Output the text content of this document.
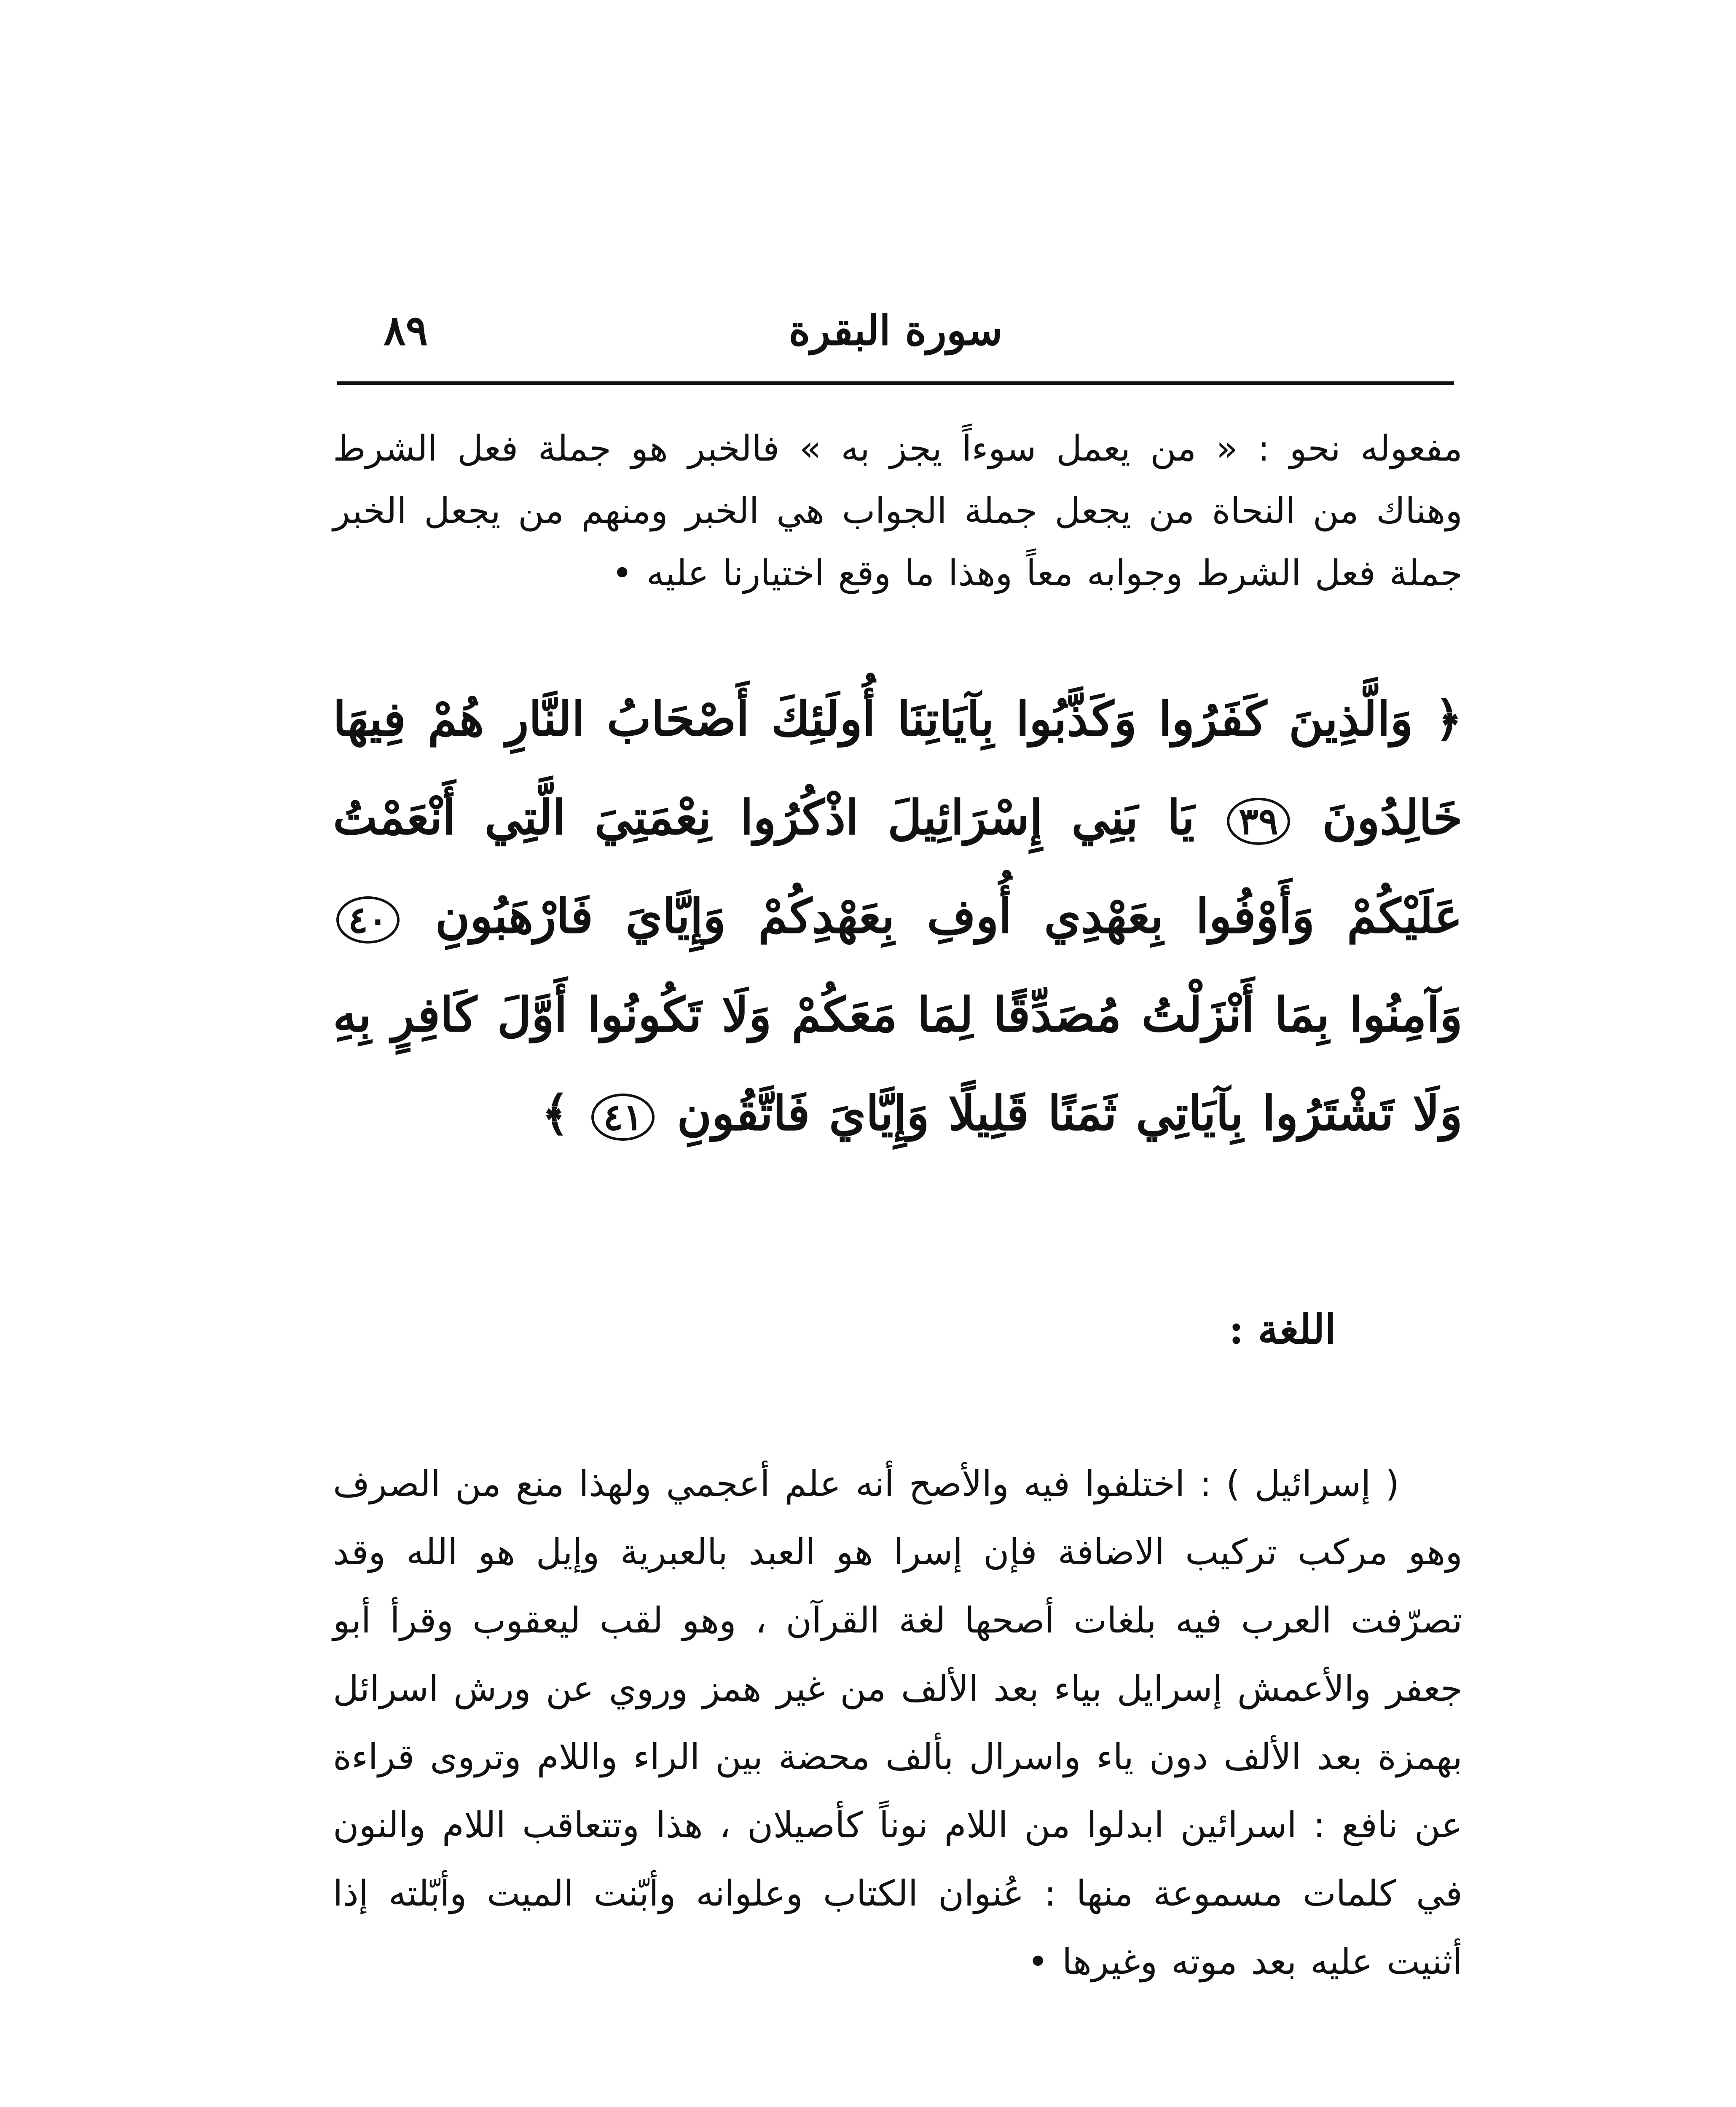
سورة البقرة
٨٩

مفعوله نحو : « من يعمل سوءاً يجز به » فالخبر هو جملة فعل الشرط وهناك من النحاة من يجعل جملة الجواب هي الخبر ومنهم من يجعل الخبر جملة فعل الشرط وجوابه معاً وهذا ما وقع اختيارنا عليه •

﴿ وَالَّذِينَ كَفَرُوا وَكَذَّبُوا بِآيَاتِنَا أُولَئِكَ أَصْحَابُ النَّارِ هُمْ فِيهَا خَالِدُونَ ٣٩ يَا بَنِي إِسْرَائِيلَ اذْكُرُوا نِعْمَتِيَ الَّتِي أَنْعَمْتُ عَلَيْكُمْ وَأَوْفُوا بِعَهْدِي أُوفِ بِعَهْدِكُمْ وَإِيَّايَ فَارْهَبُونِ ٤٠ وَآمِنُوا بِمَا أَنْزَلْتُ مُصَدِّقًا لِمَا مَعَكُمْ وَلَا تَكُونُوا أَوَّلَ كَافِرٍ بِهِ وَلَا تَشْتَرُوا بِآيَاتِي ثَمَنًا قَلِيلًا وَإِيَّايَ فَاتَّقُونِ ٤١ ﴾

اللغة :

( إسرائيل ) : اختلفوا فيه والأصح أنه علم أعجمي ولهذا منع من الصرف وهو مركب تركيب الاضافة فإن إسرا هو العبد بالعبرية وإيل هو الله وقد تصرّفت العرب فيه بلغات أصحها لغة القرآن ، وهو لقب ليعقوب وقرأ أبو جعفر والأعمش إسرايل بياء بعد الألف من غير همز وروي عن ورش اسرائل بهمزة بعد الألف دون ياء واسرال بألف محضة بين الراء واللام وتروى قراءة عن نافع : اسرائين ابدلوا من اللام نوناً كأصيلان ، هذا وتتعاقب اللام والنون في كلمات مسموعة منها : عُنوان الكتاب وعلوانه وأبّنت الميت وأبّلته إذا أثنيت عليه بعد موته وغيرها •
